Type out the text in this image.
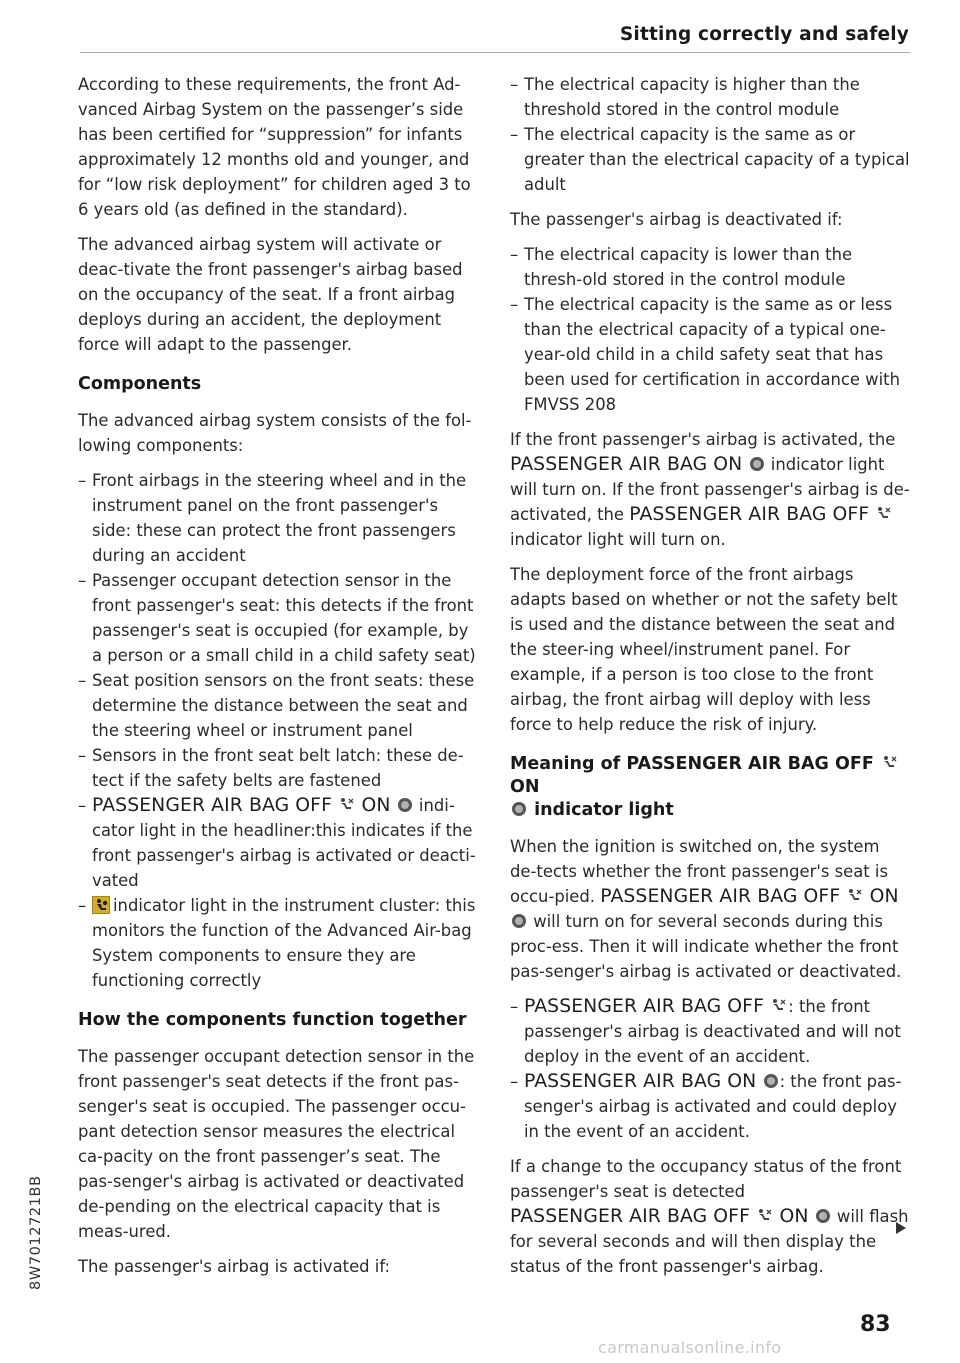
Sitting correctly and safely

According to these requirements, the front Ad-vanced Airbag System on the passenger’s side has been certified for “suppression” for infants approximately 12 months old and younger, and for “low risk deployment” for children aged 3 to 6 years old (as defined in the standard).

The advanced airbag system will activate or deac-tivate the front passenger's airbag based on the occupancy of the seat. If a front airbag deploys during an accident, the deployment force will adapt to the passenger.

Components

The advanced airbag system consists of the fol-lowing components:

– Front airbags in the steering wheel and in the instrument panel on the front passenger's side: these can protect the front passengers during an accident
– Passenger occupant detection sensor in the front passenger's seat: this detects if the front passenger's seat is occupied (for example, by a person or a small child in a child safety seat)
– Seat position sensors on the front seats: these determine the distance between the seat and the steering wheel or instrument panel
– Sensors in the front seat belt latch: these de-tect if the safety belts are fastened
– PASSENGER AIR BAG OFF ON indi-cator light in the headliner:this indicates if the front passenger's airbag is activated or deacti-vated
– indicator light in the instrument cluster: this monitors the function of the Advanced Air-bag System components to ensure they are functioning correctly
How the components function together

The passenger occupant detection sensor in the front passenger's seat detects if the front pas-senger's seat is occupied. The passenger occu-pant detection sensor measures the electrical ca-pacity on the front passenger’s seat. The pas-senger's airbag is activated or deactivated de-pending on the electrical capacity that is meas-ured.

The passenger's airbag is activated if:

– The electrical capacity is higher than the threshold stored in the control module
– The electrical capacity is the same as or greater than the electrical capacity of a typical adult

The passenger's airbag is deactivated if:

– The electrical capacity is lower than the thresh-old stored in the control module
– The electrical capacity is the same as or less than the electrical capacity of a typical one-year-old child in a child safety seat that has been used for certification in accordance with FMVSS 208

If the front passenger's airbag is activated, the PASSENGER AIR BAG ON indicator light will turn on. If the front passenger's airbag is de-activated, the PASSENGER AIR BAG OFF  indicator light will turn on.

The deployment force of the front airbags adapts based on whether or not the safety belt is used and the distance between the seat and the steer-ing wheel/instrument panel. For example, if a person is too close to the front airbag, the front airbag will deploy with less force to help reduce the risk of injury.

Meaning of PASSENGER AIR BAG OFF  ON
indicator light

When the ignition is switched on, the system de-tects whether the front passenger's seat is occu-pied. PASSENGER AIR BAG OFF ON  will turn on for several seconds during this proc-ess. Then it will indicate whether the front pas-senger's airbag is activated or deactivated.

– PASSENGER AIR BAG OFF : the front passenger's airbag is deactivated and will not deploy in the event of an accident.
– PASSENGER AIR BAG ON : the front pas-senger's airbag is activated and could deploy in the event of an accident.

If a change to the occupancy status of the front passenger's seat is detected
PASSENGER AIR BAG OFF ON will flash for several seconds and will then display the status of the front passenger's airbag.

8W7012721BB
83
carmanualsonline.info
